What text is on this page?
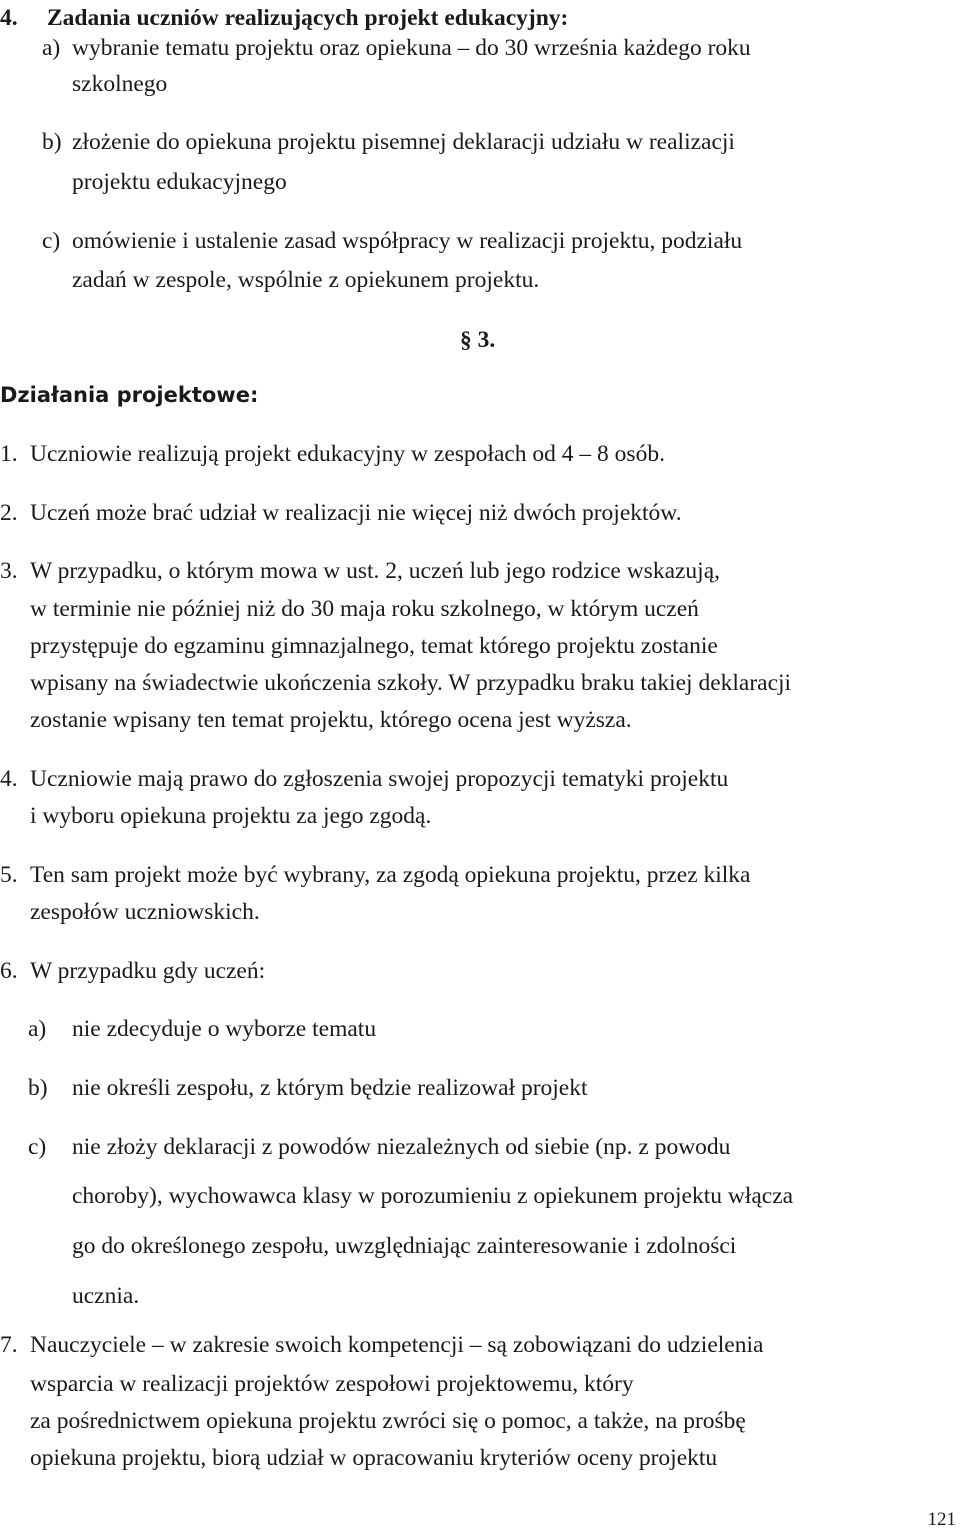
4. Zadania uczniów realizujących projekt edukacyjny:
a) wybranie tematu projektu oraz opiekuna – do 30 września każdego roku
szkolnego
b) złożenie do opiekuna projektu pisemnej deklaracji udziału w realizacji
projektu edukacyjnego
c) omówienie i ustalenie zasad współpracy w realizacji projektu, podziału
zadań w zespole, wspólnie z opiekunem projektu.
§ 3.
Działania projektowe:
1. Uczniowie realizują projekt edukacyjny w zespołach od 4 – 8 osób.
2. Uczeń może brać udział w realizacji nie więcej niż dwóch projektów.
3. W przypadku, o którym mowa w ust. 2, uczeń lub jego rodzice wskazują,
w terminie nie później niż do 30 maja roku szkolnego, w którym uczeń
przystępuje do egzaminu gimnazjalnego, temat którego projektu zostanie
wpisany na świadectwie ukończenia szkoły. W przypadku braku takiej deklaracji
zostanie wpisany ten temat projektu, którego ocena jest wyższa.
4. Uczniowie mają prawo do zgłoszenia swojej propozycji tematyki projektu
i wyboru opiekuna projektu za jego zgodą.
5. Ten sam projekt może być wybrany, za zgodą opiekuna projektu, przez kilka
zespołów uczniowskich.
6. W przypadku gdy uczeń:
a) nie zdecyduje o wyborze tematu
b) nie określi zespołu, z którym będzie realizował projekt
c) nie złoży deklaracji z powodów niezależnych od siebie (np. z powodu
choroby), wychowawca klasy w porozumieniu z opiekunem projektu włącza
go do określonego zespołu, uwzględniając zainteresowanie i zdolności
ucznia.
7. Nauczyciele – w zakresie swoich kompetencji – są zobowiązani do udzielenia
wsparcia w realizacji projektów zespołowi projektowemu, który
za pośrednictwem opiekuna projektu zwróci się o pomoc, a także, na prośbę
opiekuna projektu, biorą udział w opracowaniu kryteriów oceny projektu
121
